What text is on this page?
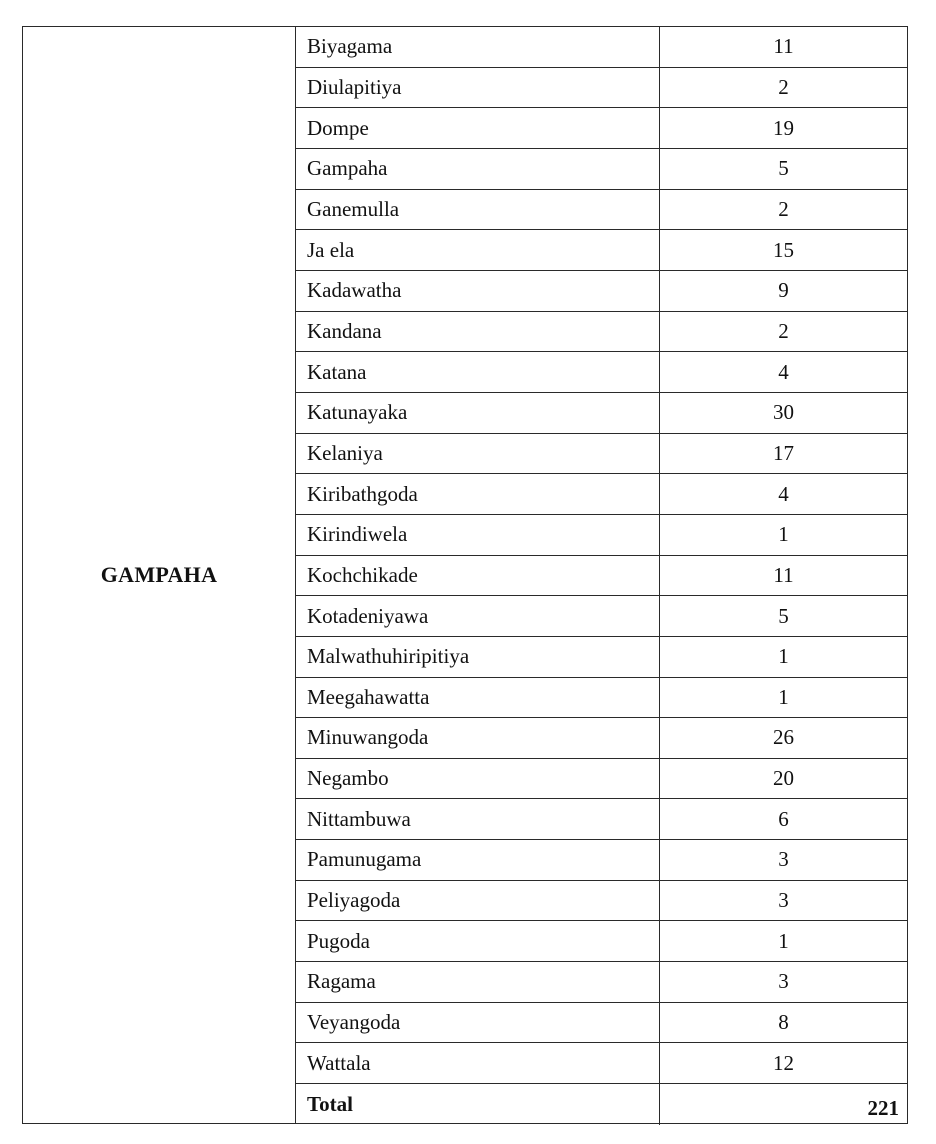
GAMPAHA
Biyagama	11
Diulapitiya	2
Dompe	19
Gampaha	5
Ganemulla	2
Ja ela	15
Kadawatha	9
Kandana	2
Katana	4
Katunayaka	30
Kelaniya	17
Kiribathgoda	4
Kirindiwela	1
Kochchikade	11
Kotadeniyawa	5
Malwathuhiripitiya	1
Meegahawatta	1
Minuwangoda	26
Negambo	20
Nittambuwa	6
Pamunugama	3
Peliyagoda	3
Pugoda	1
Ragama	3
Veyangoda	8
Wattala	12
Total	221
